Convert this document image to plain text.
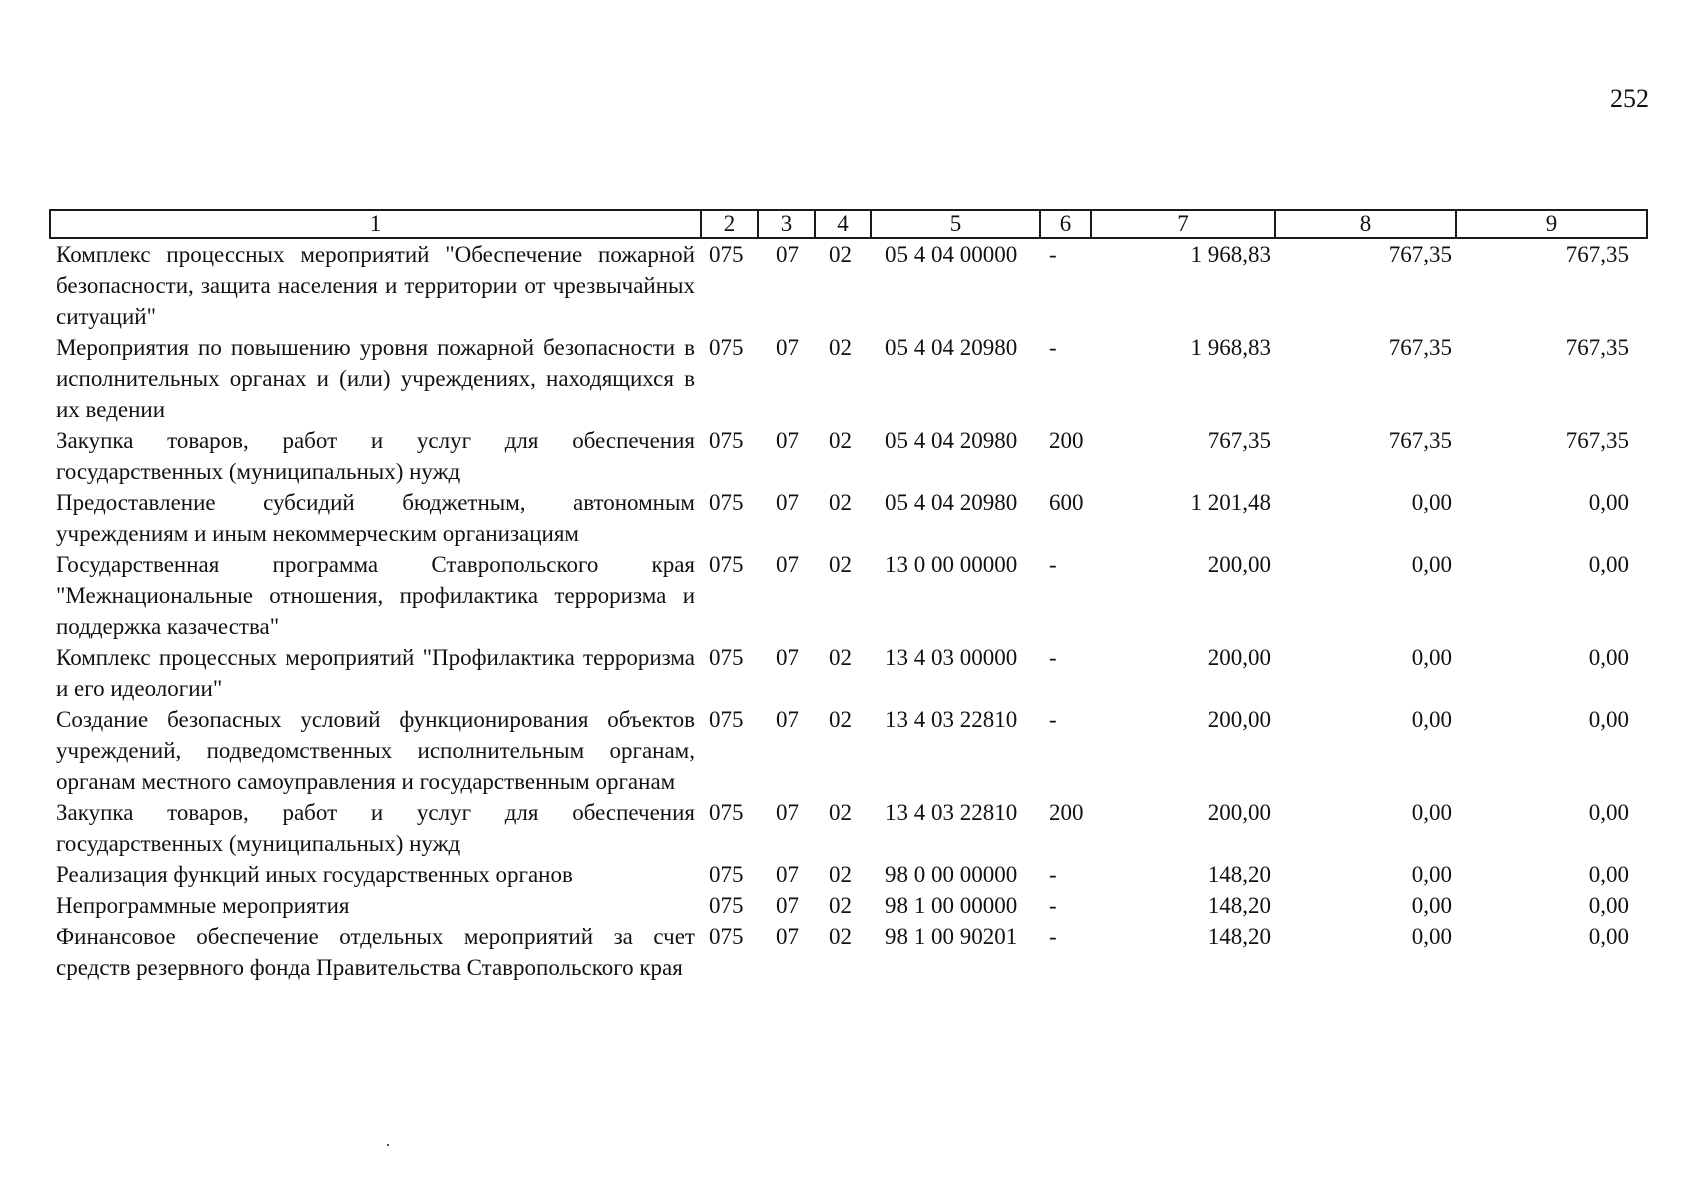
252
1	2	3	4	5	6	7	8	9
Комплекс процессных мероприятий "Обеспечение пожарной безопасности, защита населения и территории от чрезвычайных ситуаций"	075	07	02	05 4 04 00000	-	1 968,83	767,35	767,35
Мероприятия по повышению уровня пожарной безопасности в исполнительных органах и (или) учреждениях, находящихся в их ведении	075	07	02	05 4 04 20980	-	1 968,83	767,35	767,35
Закупка товаров, работ и услуг для обеспечения государственных (муниципальных) нужд	075	07	02	05 4 04 20980	200	767,35	767,35	767,35
Предоставление субсидий бюджетным, автономным учреждениям и иным некоммерческим организациям	075	07	02	05 4 04 20980	600	1 201,48	0,00	0,00
Государственная программа Ставропольского края "Межнациональные отношения, профилактика терроризма и поддержка казачества"	075	07	02	13 0 00 00000	-	200,00	0,00	0,00
Комплекс процессных мероприятий "Профилактика терроризма и его идеологии"	075	07	02	13 4 03 00000	-	200,00	0,00	0,00
Создание безопасных условий функционирования объектов учреждений, подведомственных исполнительным органам, органам местного самоуправления и государственным органам	075	07	02	13 4 03 22810	-	200,00	0,00	0,00
Закупка товаров, работ и услуг для обеспечения государственных (муниципальных) нужд	075	07	02	13 4 03 22810	200	200,00	0,00	0,00
Реализация функций иных государственных органов	075	07	02	98 0 00 00000	-	148,20	0,00	0,00
Непрограммные мероприятия	075	07	02	98 1 00 00000	-	148,20	0,00	0,00
Финансовое обеспечение отдельных мероприятий за счет средств резервного фонда Правительства Ставропольского края	075	07	02	98 1 00 90201	-	148,20	0,00	0,00
